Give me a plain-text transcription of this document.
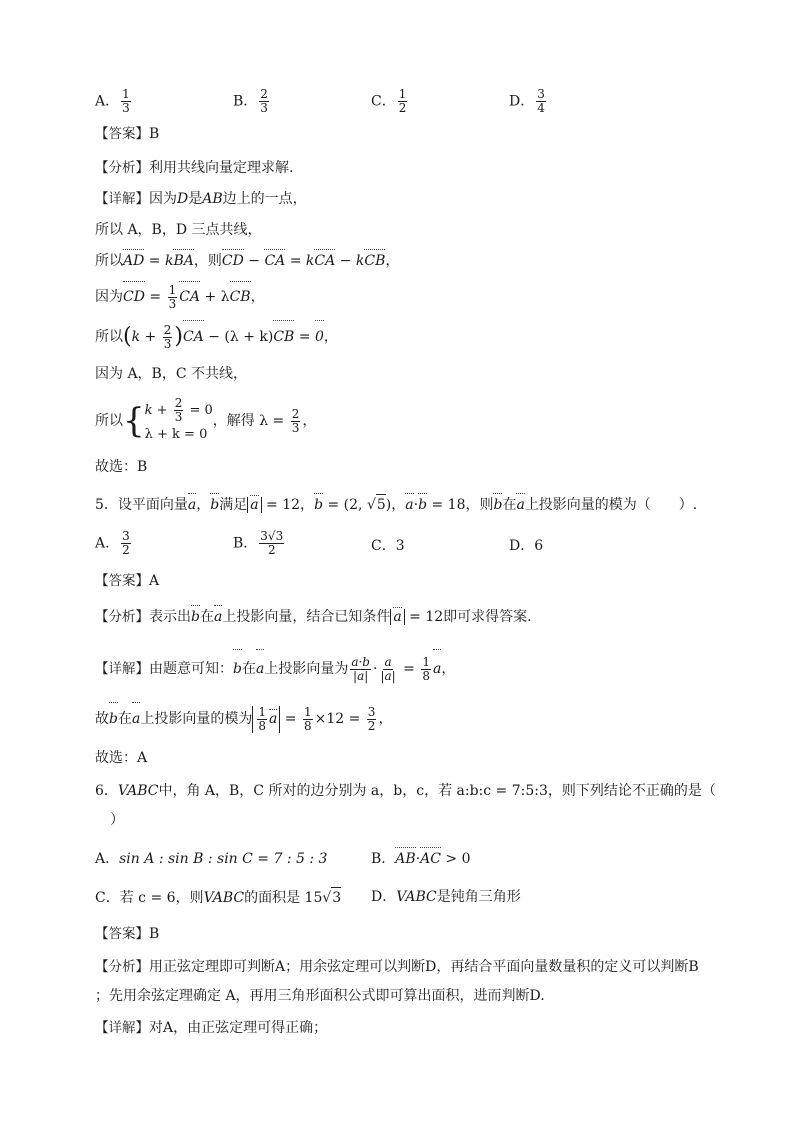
A． $\frac{1}{3}$	B． $\frac{2}{3}$	C． $\frac{1}{2}$	D． $\frac{3}{4}$
【答案】B
【分析】利用共线向量定理求解.
【详解】因为D是AB边上的一点，
所以 A，B，D 三点共线，
所以AD = kBA，则CD − CA = kCA − kCB，
因为CD = $\frac{1}{3}$ CA + λCB，
所以$(k + \frac{2}{3} )CA - (\lambda + k)CB = 0$，
因为 A，B，C 不共线，
所以{ $k + \frac{2}{3} = 0$
λ + k = 0
，解得 $\lambda = \frac{2}{3}$ ，
故选：B
5．设平面向量a，b满足 a = 12，b = (2, √5)，a·b = 18，则b在a上投影向量的模为（　　）.
A． $\frac{3}{2}$	B． $\frac{3√3}{2}$	C．3	D．6
【答案】A
【分析】表示出b在a上投影向量，结合已知条件 a = 12即可求得答案.
【详解】由题意可知：b在a上投影向量为 $\frac{a\cdot b}{|a|} \cdot \frac{a}{|a|} = \frac{1}{8}$ a，
故b在a上投影向量的模为 $\frac{1}{8}$ $a = \frac{1}{8} \times 12 = \frac{3}{2}$ ，
故选：A
6．VABC中，角 A，B，C 所对的边分别为 a，b，c，若 a:b:c = 7:5:3，则下列结论不正确的是（
）
A．sin A : sin B : sin C = 7 : 5 : 3	B．AB·AC > 0
C．若 c = 6，则VABC的面积是 15√3 D．VABC是钝角三角形
【答案】B
【分析】用正弦定理即可判断A；用余弦定理可以判断D，再结合平面向量数量积的定义可以判断B
；先用余弦定理确定 A，再用三角形面积公式即可算出面积，进而判断D.
【详解】对A，由正弦定理可得正确；
